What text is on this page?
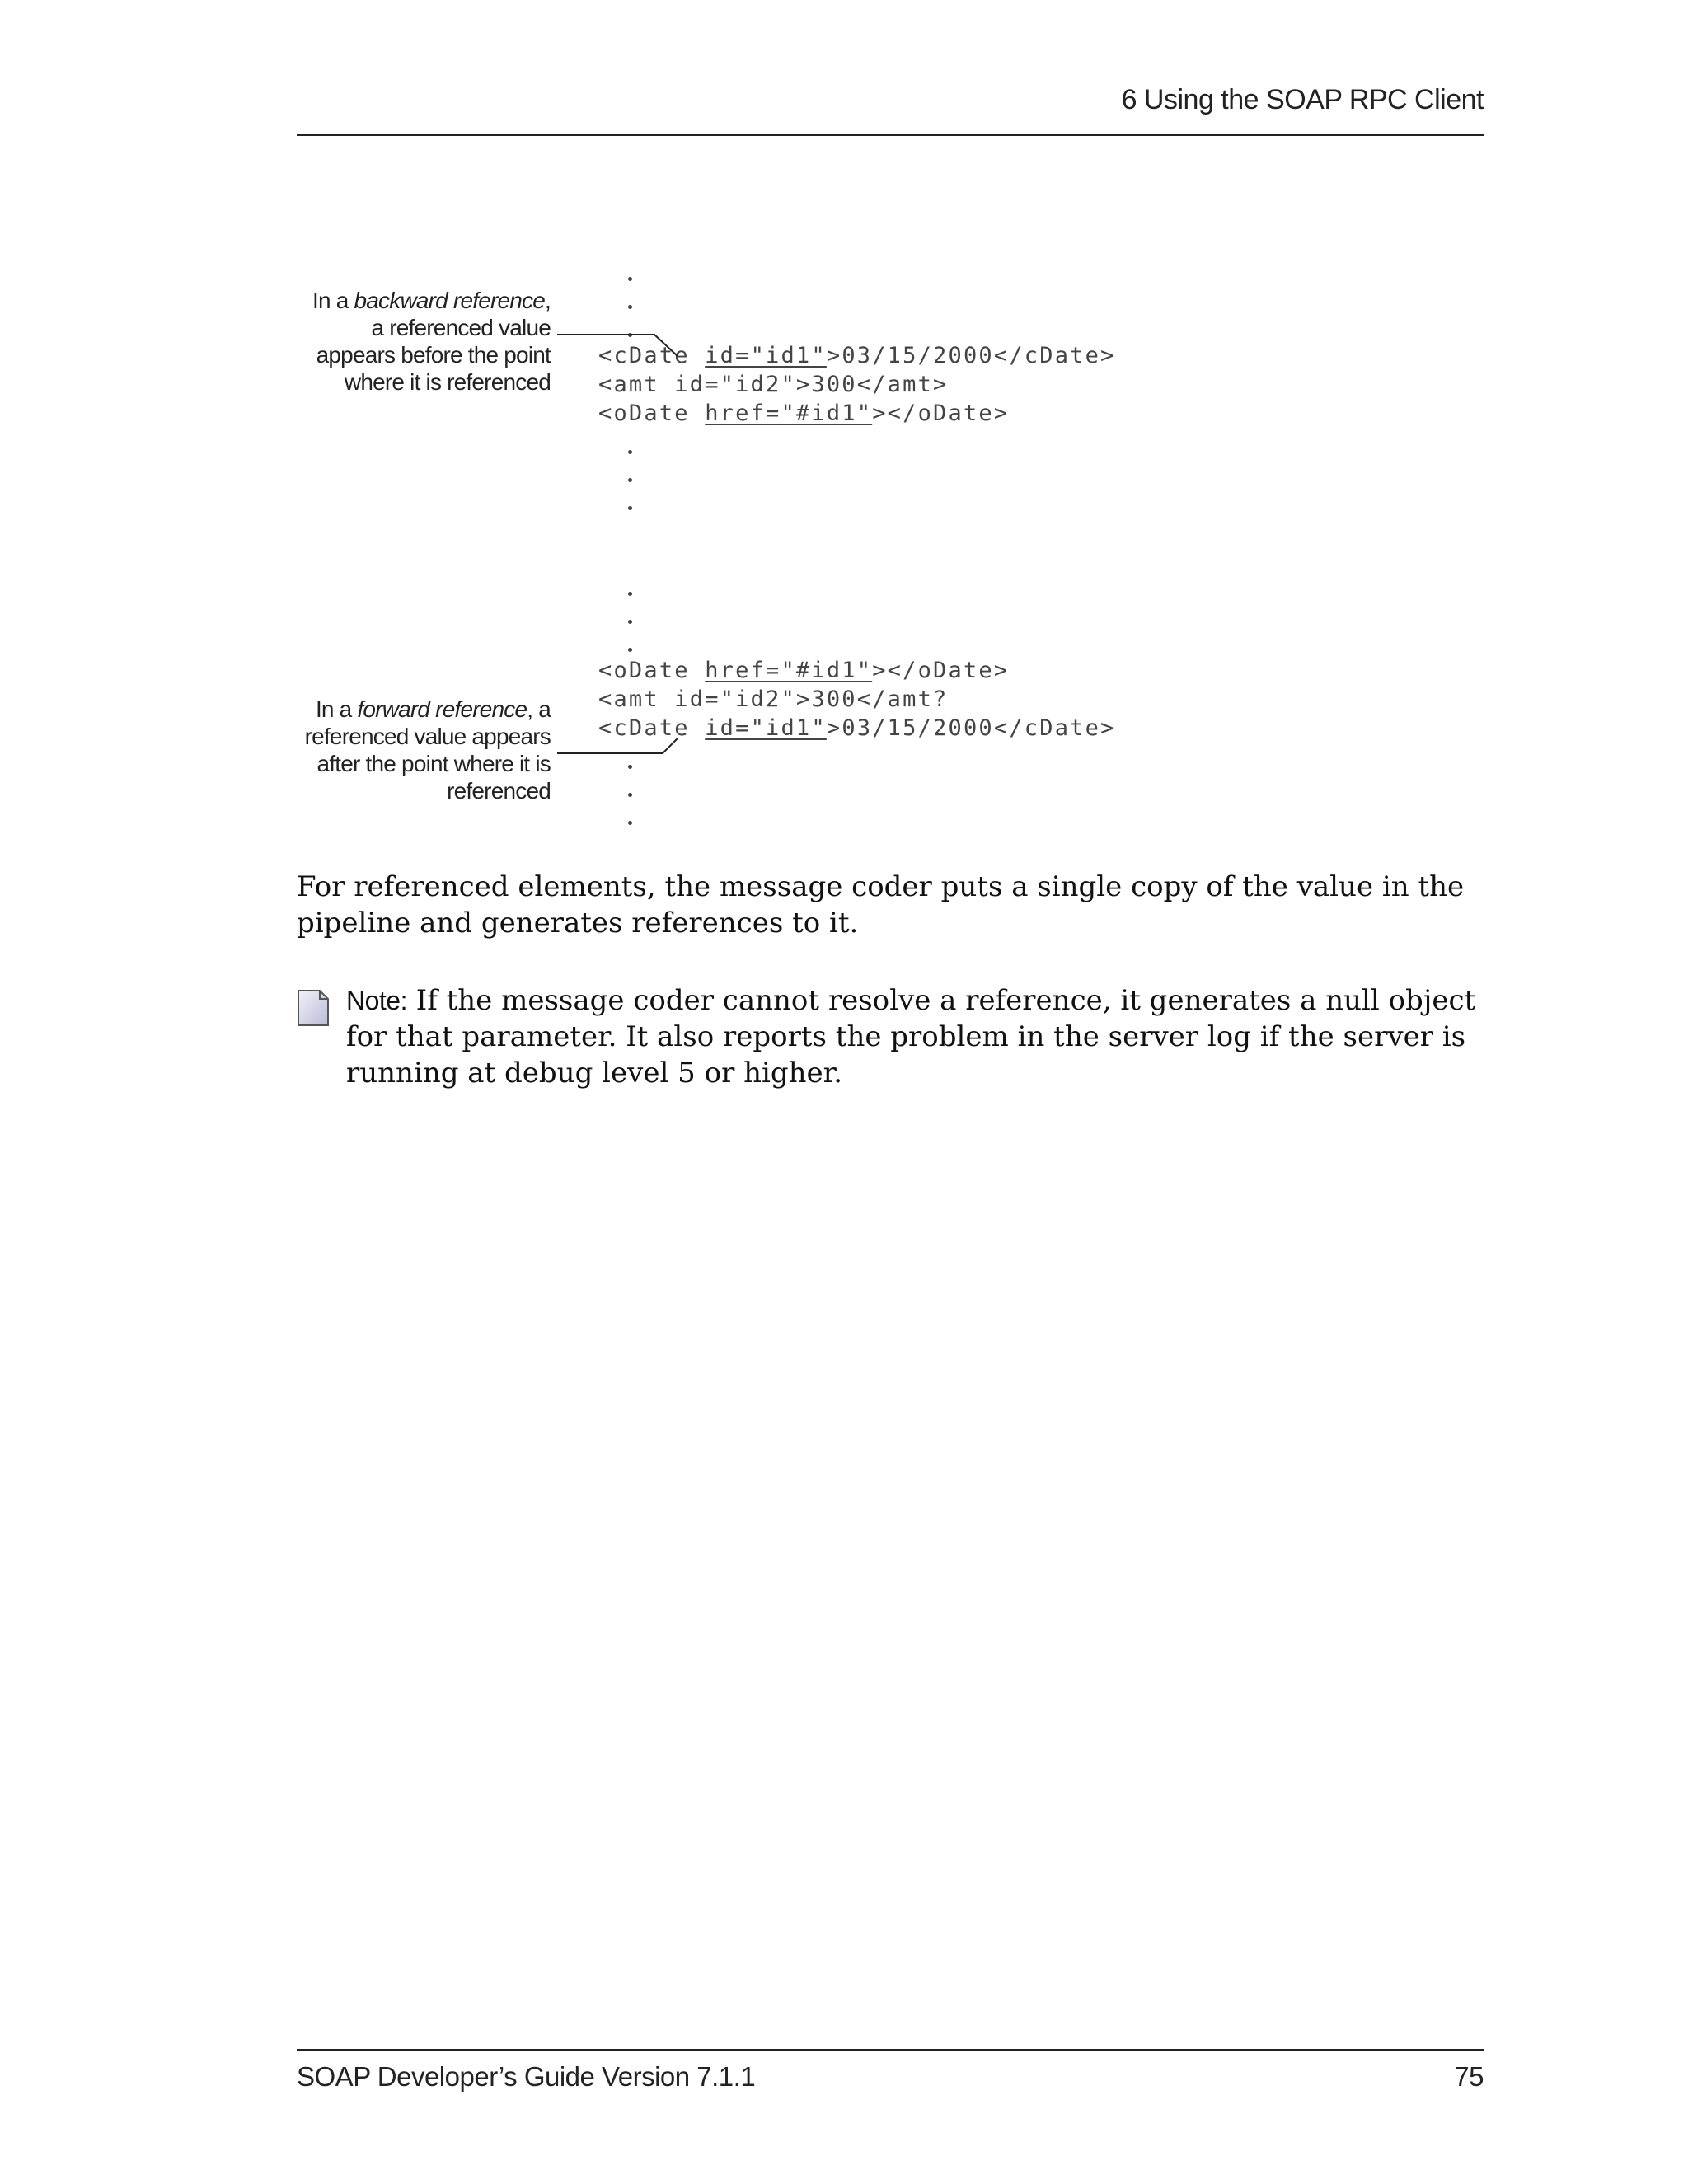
6 Using the SOAP RPC Client
In a backward reference,
a referenced value
appears before the point
where it is referenced
<cDate id="id1">03/15/2000</cDate>
<amt id="id2">300</amt>
<oDate href="#id1"></oDate>
<oDate href="#id1"></oDate>
<amt id="id2">300</amt?
<cDate id="id1">03/15/2000</cDate>
In a forward reference, a
referenced value appears
after the point where it is
referenced
For referenced elements, the message coder puts a single copy of the value in the pipeline and generates references to it.
Note: If the message coder cannot resolve a reference, it generates a null object for that parameter. It also reports the problem in the server log if the server is running at debug level 5 or higher.
SOAP Developer’s Guide Version 7.1.1	75
